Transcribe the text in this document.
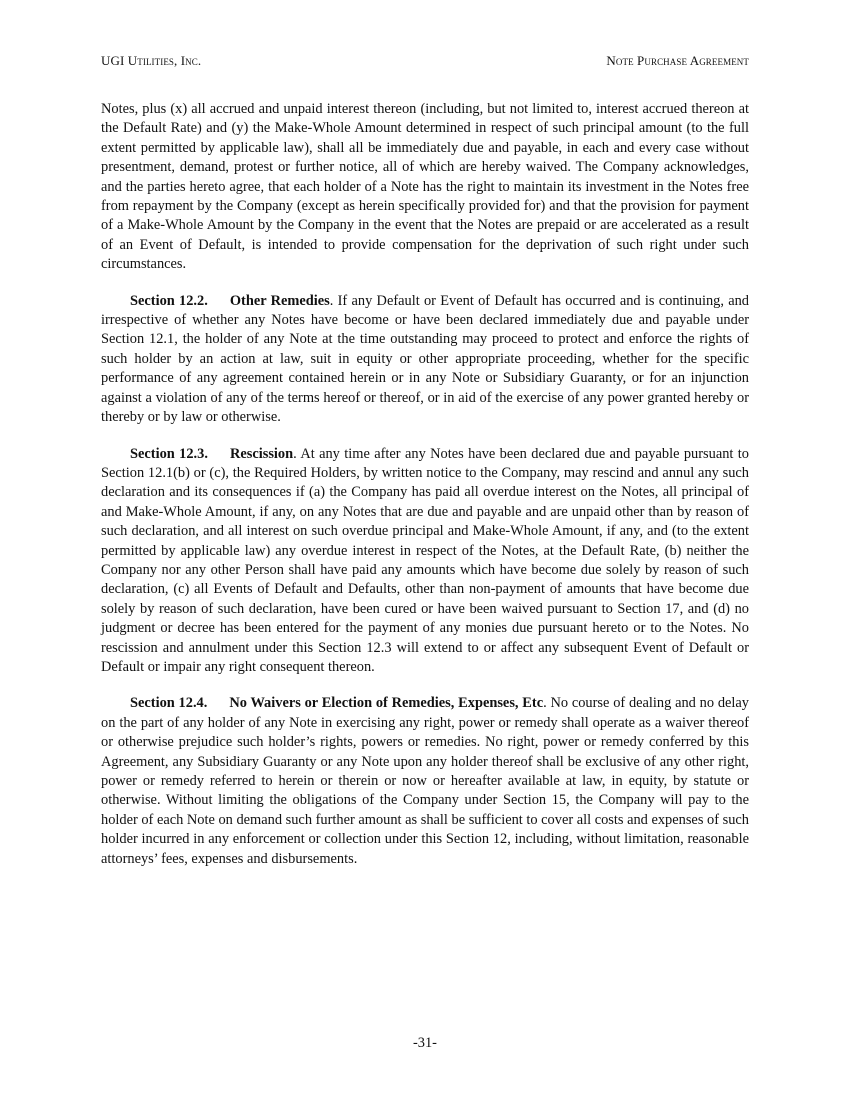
UGI Utilities, Inc.	Note Purchase Agreement

Notes, plus (x) all accrued and unpaid interest thereon (including, but not limited to, interest accrued thereon at the Default Rate) and (y) the Make-Whole Amount determined in respect of such principal amount (to the full extent permitted by applicable law), shall all be immediately due and payable, in each and every case without presentment, demand, protest or further notice, all of which are hereby waived. The Company acknowledges, and the parties hereto agree, that each holder of a Note has the right to maintain its investment in the Notes free from repayment by the Company (except as herein specifically provided for) and that the provision for payment of a Make-Whole Amount by the Company in the event that the Notes are prepaid or are accelerated as a result of an Event of Default, is intended to provide compensation for the deprivation of such right under such circumstances.

Section 12.2. Other Remedies. If any Default or Event of Default has occurred and is continuing, and irrespective of whether any Notes have become or have been declared immediately due and payable under Section 12.1, the holder of any Note at the time outstanding may proceed to protect and enforce the rights of such holder by an action at law, suit in equity or other appropriate proceeding, whether for the specific performance of any agreement contained herein or in any Note or Subsidiary Guaranty, or for an injunction against a violation of any of the terms hereof or thereof, or in aid of the exercise of any power granted hereby or thereby or by law or otherwise.

Section 12.3. Rescission. At any time after any Notes have been declared due and payable pursuant to Section 12.1(b) or (c), the Required Holders, by written notice to the Company, may rescind and annul any such declaration and its consequences if (a) the Company has paid all overdue interest on the Notes, all principal of and Make-Whole Amount, if any, on any Notes that are due and payable and are unpaid other than by reason of such declaration, and all interest on such overdue principal and Make-Whole Amount, if any, and (to the extent permitted by applicable law) any overdue interest in respect of the Notes, at the Default Rate, (b) neither the Company nor any other Person shall have paid any amounts which have become due solely by reason of such declaration, (c) all Events of Default and Defaults, other than non-payment of amounts that have become due solely by reason of such declaration, have been cured or have been waived pursuant to Section 17, and (d) no judgment or decree has been entered for the payment of any monies due pursuant hereto or to the Notes. No rescission and annulment under this Section 12.3 will extend to or affect any subsequent Event of Default or Default or impair any right consequent thereon.

Section 12.4. No Waivers or Election of Remedies, Expenses, Etc. No course of dealing and no delay on the part of any holder of any Note in exercising any right, power or remedy shall operate as a waiver thereof or otherwise prejudice such holder’s rights, powers or remedies. No right, power or remedy conferred by this Agreement, any Subsidiary Guaranty or any Note upon any holder thereof shall be exclusive of any other right, power or remedy referred to herein or therein or now or hereafter available at law, in equity, by statute or otherwise. Without limiting the obligations of the Company under Section 15, the Company will pay to the holder of each Note on demand such further amount as shall be sufficient to cover all costs and expenses of such holder incurred in any enforcement or collection under this Section 12, including, without limitation, reasonable attorneys’ fees, expenses and disbursements.

-31-
